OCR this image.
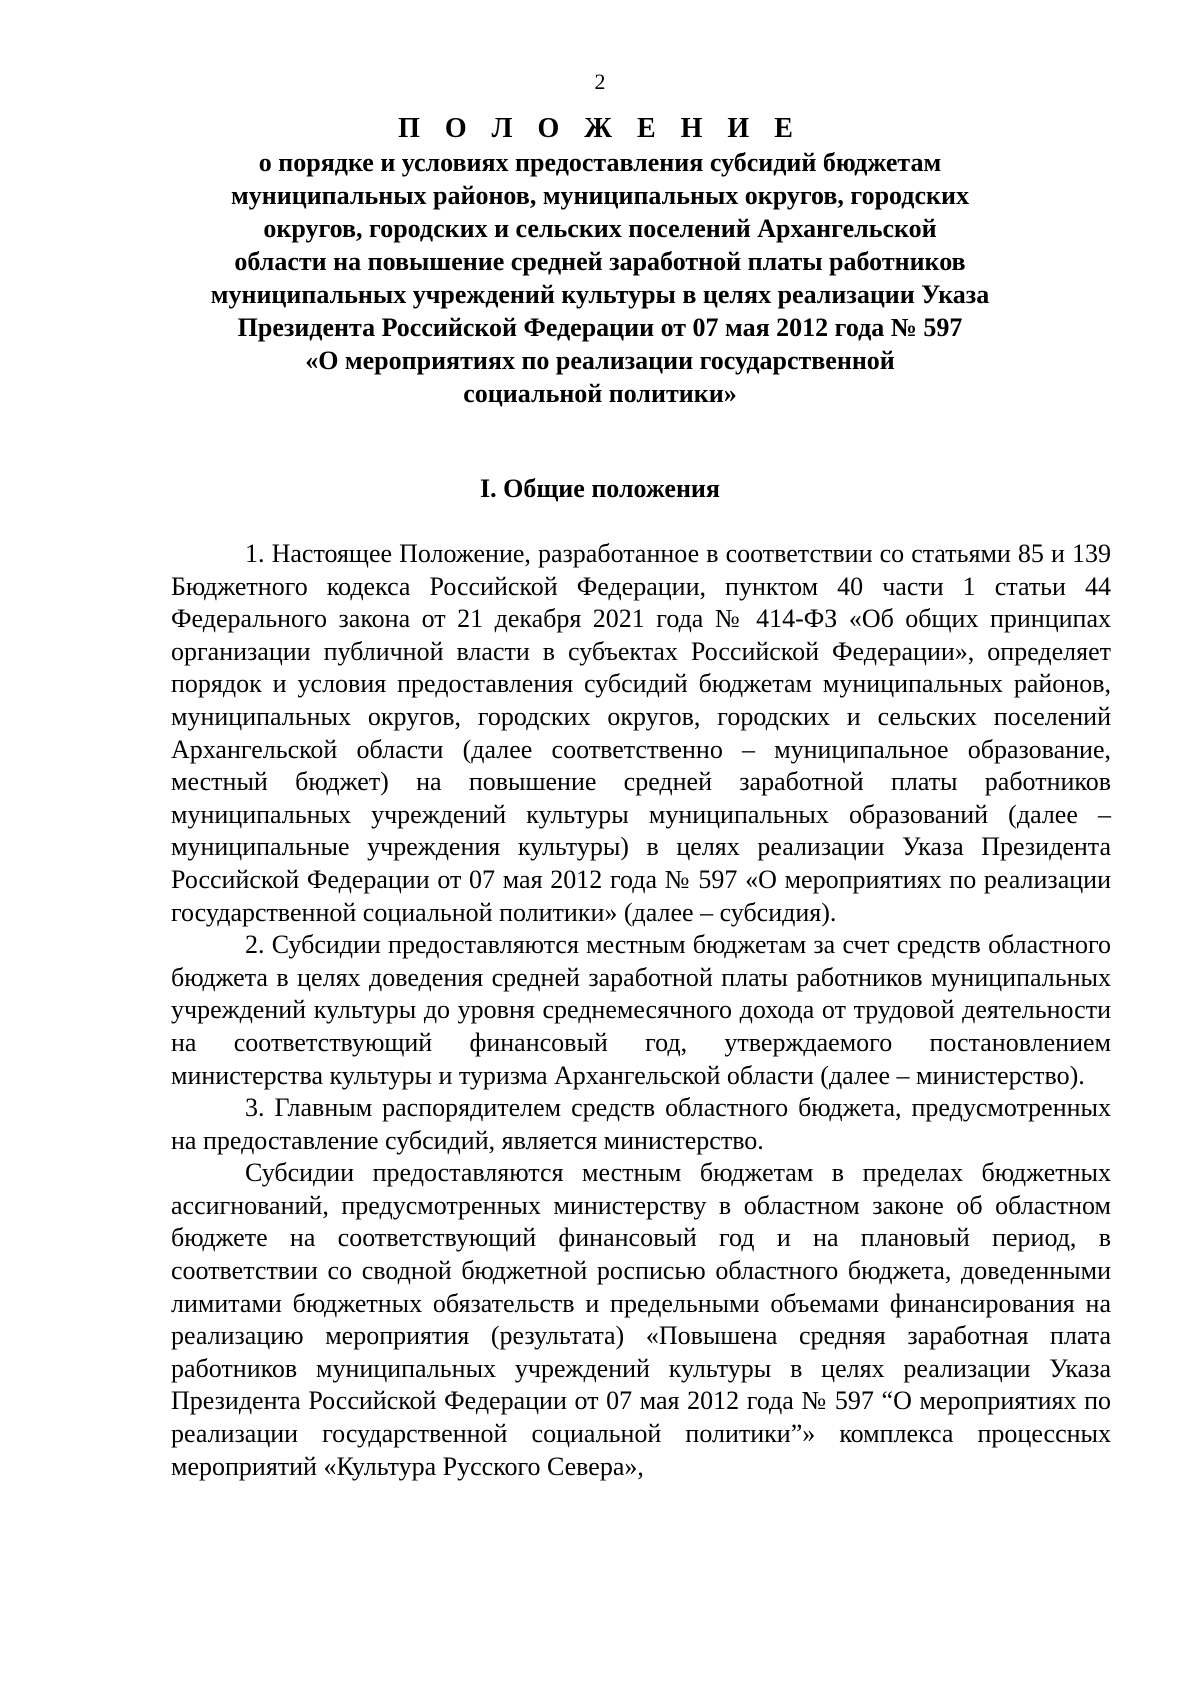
2
П О Л О Ж Е Н И Е
о порядке и условиях предоставления субсидий бюджетам
муниципальных районов, муниципальных округов, городских
округов, городских и сельских поселений Архангельской
области на повышение средней заработной платы работников
муниципальных учреждений культуры в целях реализации Указа
Президента Российской Федерации от 07 мая 2012 года № 597
«О мероприятиях по реализации государственной
социальной политики»
I. Общие положения

1. Настоящее Положение, разработанное в соответствии со статьями 85 и 139 Бюджетного кодекса Российской Федерации, пунктом 40 части 1 статьи 44 Федерального закона от 21 декабря 2021 года № 414-ФЗ «Об общих принципах организации публичной власти в субъектах Российской Федерации», определяет порядок и условия предоставления субсидий бюджетам муниципальных районов, муниципальных округов, городских округов, городских и сельских поселений Архангельской области (далее соответственно – муниципальное образование, местный бюджет) на повышение средней заработной платы работников муниципальных учреждений культуры муниципальных образований (далее – муниципальные учреждения культуры) в целях реализации Указа Президента Российской Федерации от 07 мая 2012 года № 597 «О мероприятиях по реализации государственной социальной политики» (далее – субсидия).

2. Субсидии предоставляются местным бюджетам за счет средств областного бюджета в целях доведения средней заработной платы работников муниципальных учреждений культуры до уровня среднемесячного дохода от трудовой деятельности на соответствующий финансовый год, утверждаемого постановлением министерства культуры и туризма Архангельской области (далее – министерство).

3. Главным распорядителем средств областного бюджета, предусмотренных на предоставление субсидий, является министерство.

Субсидии предоставляются местным бюджетам в пределах бюджетных ассигнований, предусмотренных министерству в областном законе об областном бюджете на соответствующий финансовый год и на плановый период, в соответствии со сводной бюджетной росписью областного бюджета, доведенными лимитами бюджетных обязательств и предельными объемами финансирования на реализацию мероприятия (результата) «Повышена средняя заработная плата работников муниципальных учреждений культуры в целях реализации Указа Президента Российской Федерации от 07 мая 2012 года № 597 “О мероприятиях по реализации государственной социальной политики”» комплекса процессных мероприятий «Культура Русского Севера»,
